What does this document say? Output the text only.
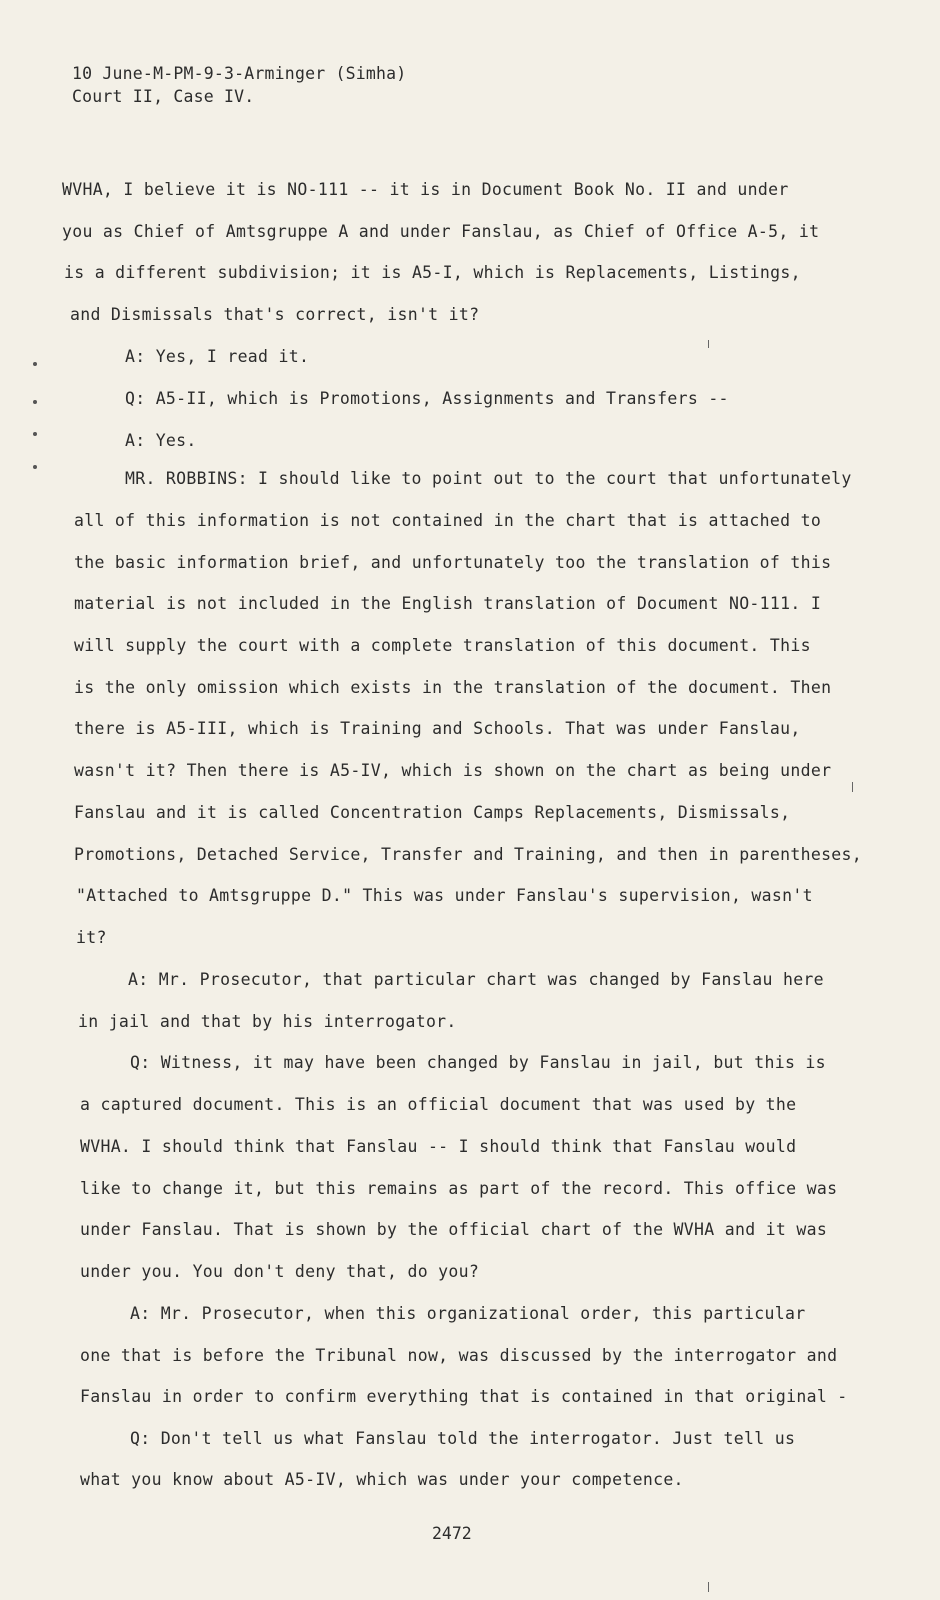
10 June-M-PM-9-3-Arminger (Simha)
Court II, Case IV.
WVHA, I believe it is NO-111 -- it is in Document Book No. II and under
you as Chief of Amtsgruppe A and under Fanslau, as Chief of Office A-5, it
is a different subdivision; it is A5-I, which is Replacements, Listings,
and Dismissals that's correct, isn't it?
A: Yes, I read it.
Q: A5-II, which is Promotions, Assignments and Transfers --
A: Yes.
MR. ROBBINS: I should like to point out to the court that unfortunately
all of this information is not contained in the chart that is attached to
the basic information brief, and unfortunately too the translation of this
material is not included in the English translation of Document NO-111. I
will supply the court with a complete translation of this document. This
is the only omission which exists in the translation of the document. Then
there is A5-III, which is Training and Schools. That was under Fanslau,
wasn't it? Then there is A5-IV, which is shown on the chart as being under
Fanslau and it is called Concentration Camps Replacements, Dismissals,
Promotions, Detached Service, Transfer and Training, and then in parentheses,
"Attached to Amtsgruppe D." This was under Fanslau's supervision, wasn't
it?
A: Mr. Prosecutor, that particular chart was changed by Fanslau here
in jail and that by his interrogator.
Q: Witness, it may have been changed by Fanslau in jail, but this is
a captured document. This is an official document that was used by the
WVHA. I should think that Fanslau -- I should think that Fanslau would
like to change it, but this remains as part of the record. This office was
under Fanslau. That is shown by the official chart of the WVHA and it was
under you. You don't deny that, do you?
A: Mr. Prosecutor, when this organizational order, this particular
one that is before the Tribunal now, was discussed by the interrogator and
Fanslau in order to confirm everything that is contained in that original -
Q: Don't tell us what Fanslau told the interrogator. Just tell us
what you know about A5-IV, which was under your competence.
2472
